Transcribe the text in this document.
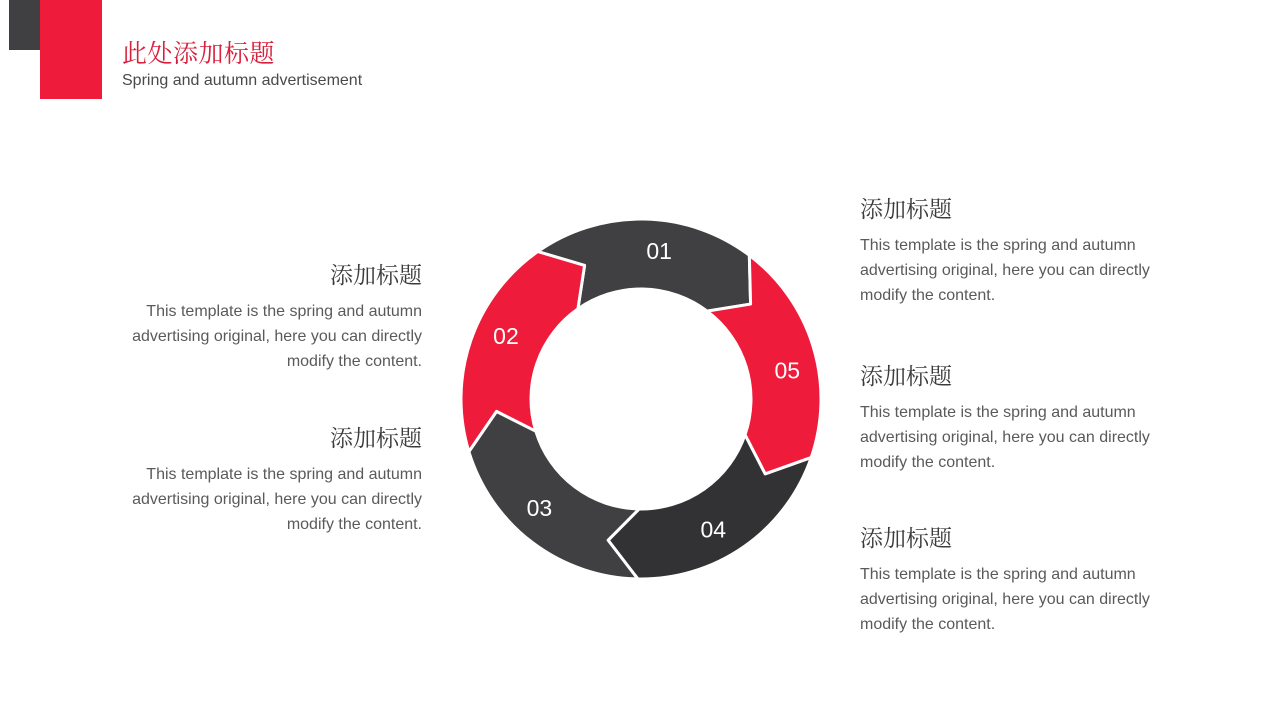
此处添加标题
Spring and autumn advertisement
添加标题
This template is the spring and autumn advertising original, here you can directly modify the content.
添加标题
This template is the spring and autumn advertising original, here you can directly modify the content.
添加标题
This template is the spring and autumn advertising original, here you can directly modify the content.
添加标题
This template is the spring and autumn advertising original, here you can directly modify the content.
添加标题
This template is the spring and autumn advertising original, here you can directly modify the content.
01
05
04
03
02
